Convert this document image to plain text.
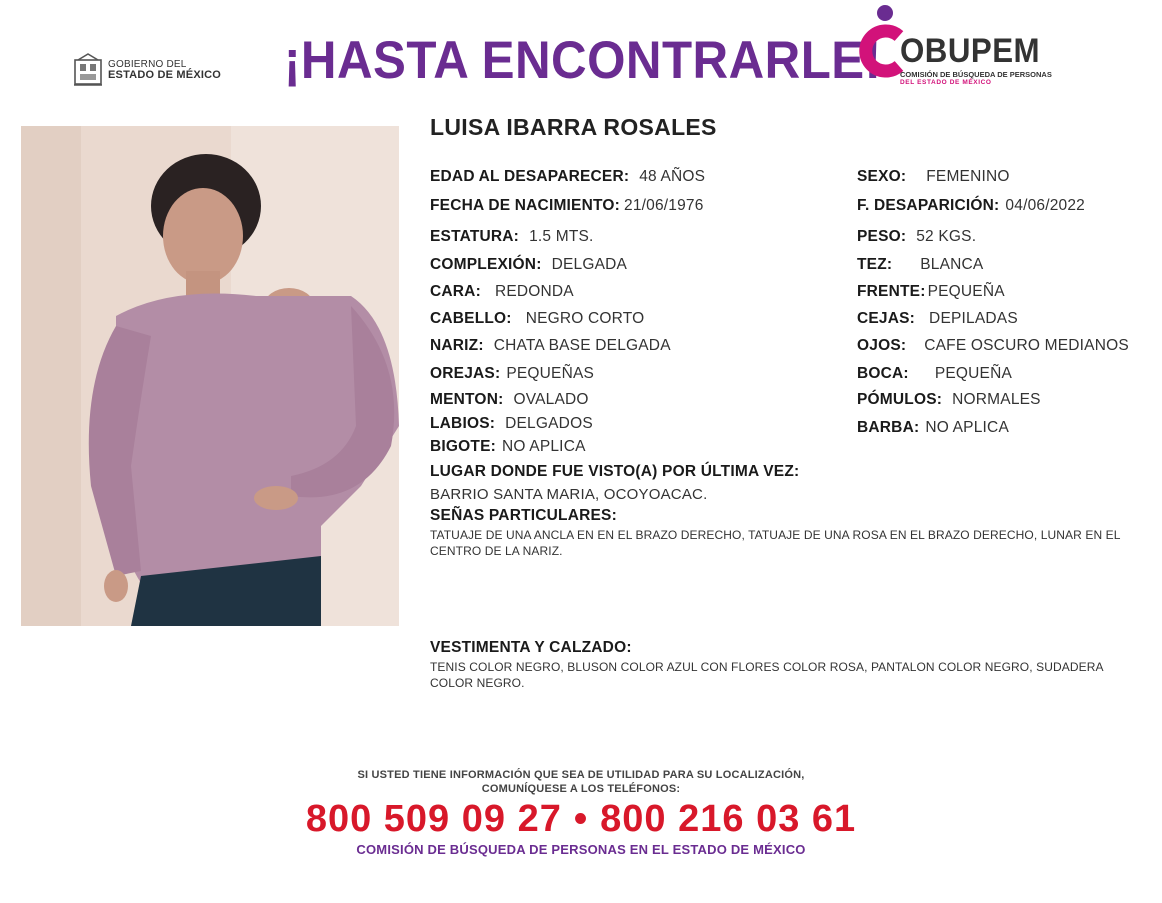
GOBIERNO DEL
ESTADO DE MÉXICO ¡HASTA ENCONTRARLE! OBUPEM
COMISIÓN DE BÚSQUEDA DE PERSONAS
DEL ESTADO DE MÉXICO
LUISA IBARRA ROSALES
EDAD AL DESAPARECER: 48 AÑOS
FECHA DE NACIMIENTO: 21/06/1976
ESTATURA: 1.5 MTS.
COMPLEXIÓN: DELGADA
CARA: REDONDA
CABELLO: NEGRO CORTO
NARIZ: CHATA BASE DELGADA
OREJAS: PEQUEÑAS
MENTON: OVALADO
LABIOS: DELGADOS
BIGOTE: NO APLICA
SEXO: FEMENINO
F. DESAPARICIÓN: 04/06/2022
PESO: 52 KGS.
TEZ: BLANCA
FRENTE: PEQUEÑA
CEJAS: DEPILADAS
OJOS: CAFE OSCURO MEDIANOS
BOCA: PEQUEÑA
PÓMULOS: NORMALES
BARBA: NO APLICA
LUGAR DONDE FUE VISTO(A) POR ÚLTIMA VEZ:
BARRIO SANTA MARIA, OCOYOACAC.
SEÑAS PARTICULARES:
TATUAJE DE UNA ANCLA EN EN EL BRAZO DERECHO, TATUAJE DE UNA ROSA EN EL BRAZO DERECHO, LUNAR EN EL CENTRO DE LA NARIZ.
VESTIMENTA Y CALZADO:
TENIS COLOR NEGRO, BLUSON COLOR AZUL CON FLORES COLOR ROSA, PANTALON COLOR NEGRO, SUDADERA COLOR NEGRO.
SI USTED TIENE INFORMACIÓN QUE SEA DE UTILIDAD PARA SU LOCALIZACIÓN,
COMUNÍQUESE A LOS TELÉFONOS:
800 509 09 27 • 800 216 03 61
COMISIÓN DE BÚSQUEDA DE PERSONAS EN EL ESTADO DE MÉXICO
